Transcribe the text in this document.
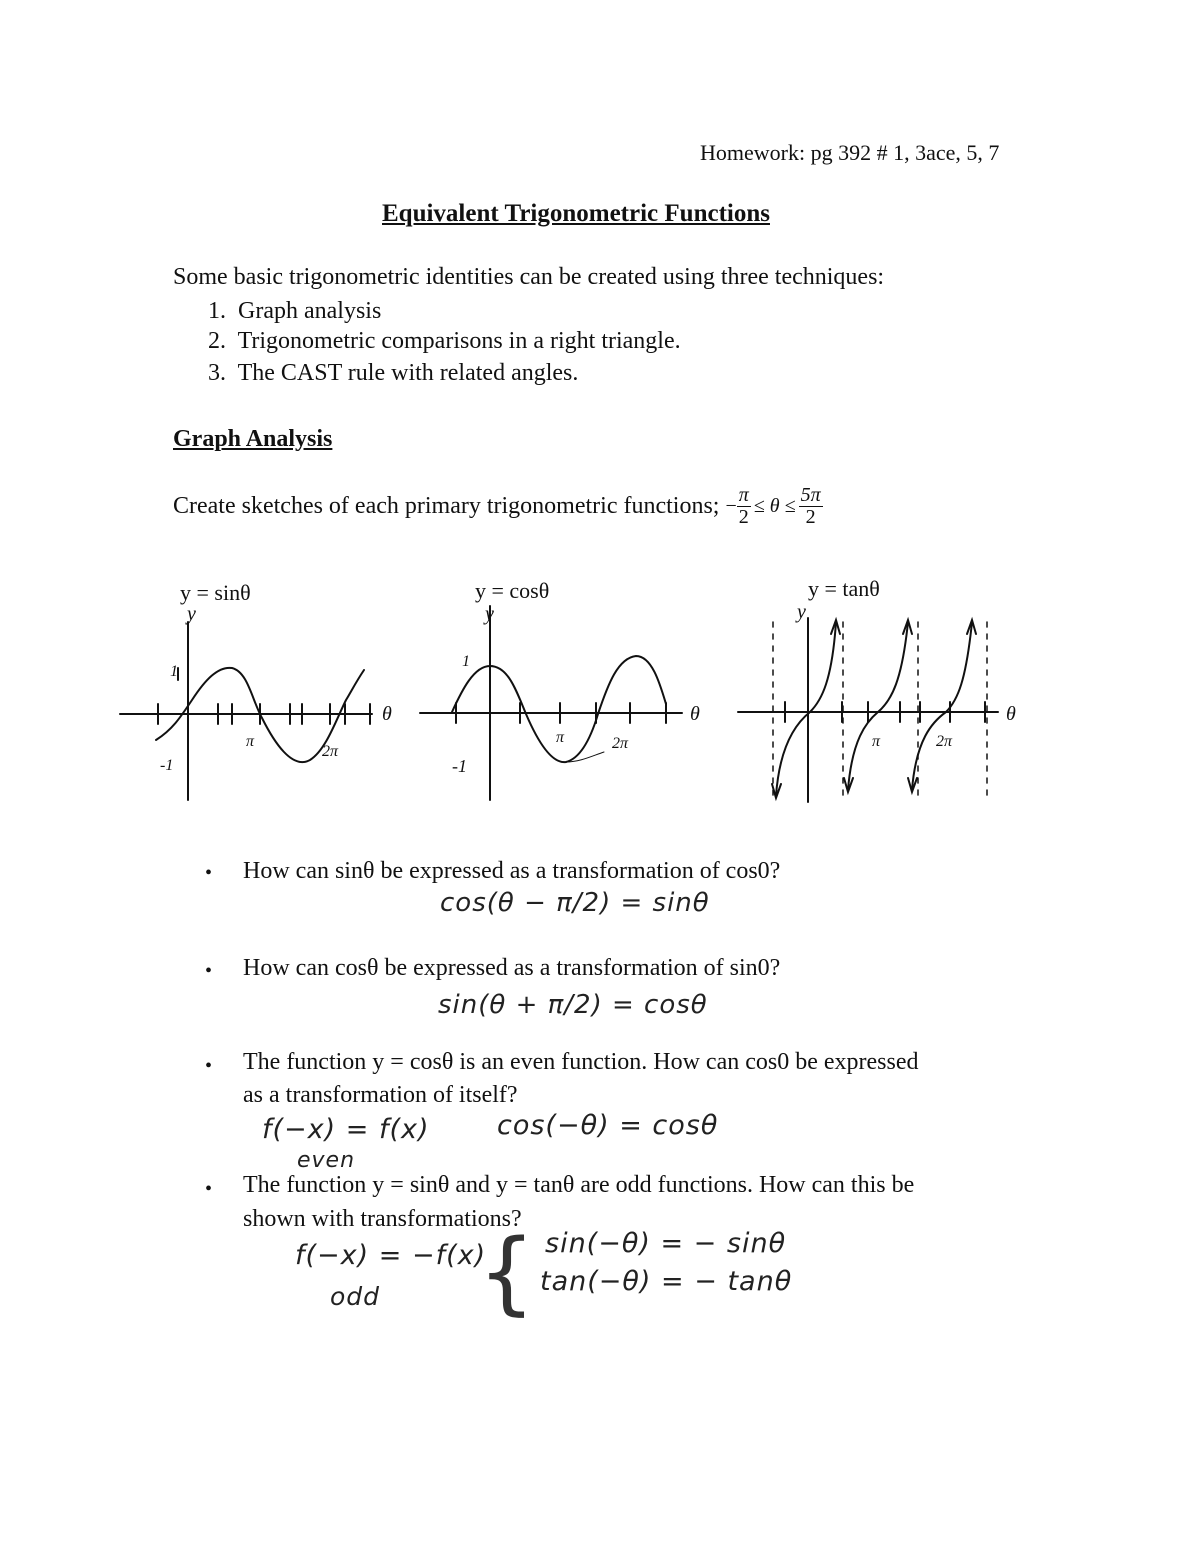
Homework: pg 392 # 1, 3ace, 5, 7
Equivalent Trigonometric Functions
Some basic trigonometric identities can be created using three techniques:
1. Graph analysis
2. Trigonometric comparisons in a right triangle.
3. The CAST rule with related angles.
Graph Analysis
Create sketches of each primary trigonometric functions; − $\frac{\pi}{2} \le \theta \le \frac{5\pi}{2}$
y = sinθ	y = cosθ	y = tanθ
y
θ
π
2π
-1
1
y
θ
π	2π
-1
1
y
θ
π	2π
• How can sinθ be expressed as a transformation of cos0?
cos(θ − π/2) = sinθ
• How can cosθ be expressed as a transformation of sin0?
sin(θ + π/2) = cosθ
• The function y = cosθ is an even function. How can cos0 be expressed
as a transformation of itself?
f(−x) = f(x) cos(−θ) = cosθ
even
• The function y = sinθ and y = tanθ are odd functions. How can this be
shown with transformations?
f(−x) = −f(x)
odd { sin(−θ) = − sinθ
tan(−θ) = − tanθ
